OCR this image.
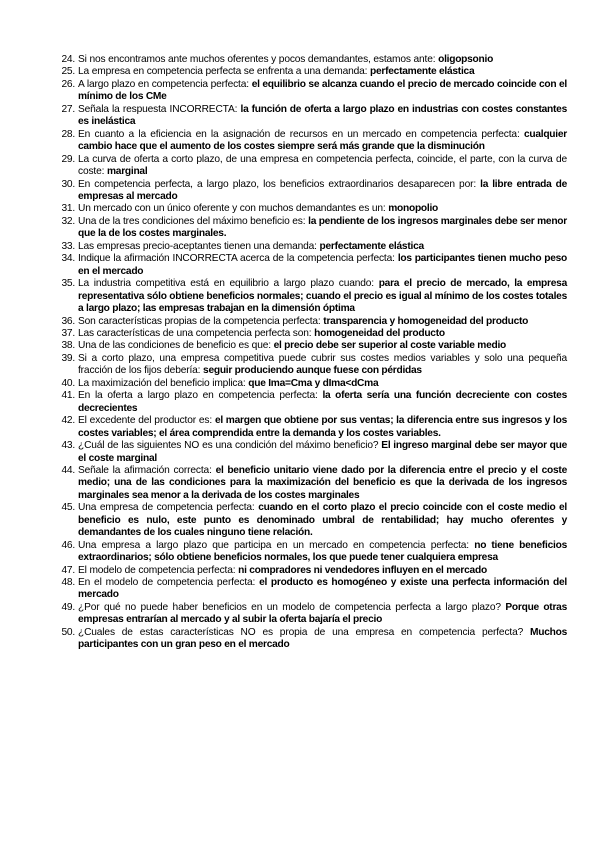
24. Si nos encontramos ante muchos oferentes y pocos demandantes, estamos ante: oligopsonio
25. La empresa en competencia perfecta se enfrenta a una demanda: perfectamente elástica
26. A largo plazo en competencia perfecta: el equilibrio se alcanza cuando el precio de mercado coincide con el mínimo de los CMe
27. Señala la respuesta INCORRECTA: la función de oferta a largo plazo en industrias con costes constantes es inelástica
28. En cuanto a la eficiencia en la asignación de recursos en un mercado en competencia perfecta: cualquier cambio hace que el aumento de los costes siempre será más grande que la disminución
29. La curva de oferta a corto plazo, de una empresa en competencia perfecta, coincide, el parte, con la curva de coste: marginal
30. En competencia perfecta, a largo plazo, los beneficios extraordinarios desaparecen por: la libre entrada de empresas al mercado
31. Un mercado con un único oferente y con muchos demandantes es un: monopolio
32. Una de la tres condiciones del máximo beneficio es: la pendiente de los ingresos marginales debe ser menor que la de los costes marginales.
33. Las empresas precio-aceptantes tienen una demanda: perfectamente elástica
34. Indique la afirmación INCORRECTA acerca de la competencia perfecta: los participantes tienen mucho peso en el mercado
35. La industria competitiva está en equilibrio a largo plazo cuando: para el precio de mercado, la empresa representativa sólo obtiene beneficios normales; cuando el precio es igual al mínimo de los costes totales a largo plazo; las empresas trabajan en la dimensión óptima
36. Son características propias de la competencia perfecta: transparencia y homogeneidad del producto
37. Las características de una competencia perfecta son: homogeneidad del producto
38. Una de las condiciones de beneficio es que: el precio debe ser superior al coste variable medio
39. Si a corto plazo, una empresa competitiva puede cubrir sus costes medios variables y solo una pequeña fracción de los fijos debería: seguir produciendo aunque fuese con pérdidas
40. La maximización del beneficio implica: que Ima=Cma y dIma<dCma
41. En la oferta a largo plazo en competencia perfecta: la oferta sería una función decreciente con costes decrecientes
42. El excedente del productor es: el margen que obtiene por sus ventas; la diferencia entre sus ingresos y los costes variables; el área comprendida entre la demanda y los costes variables.
43. ¿Cuál de las siguientes NO es una condición del máximo beneficio? El ingreso marginal debe ser mayor que el coste marginal
44. Señale la afirmación correcta: el beneficio unitario viene dado por la diferencia entre el precio y el coste medio; una de las condiciones para la maximización del beneficio es que la derivada de los ingresos marginales sea menor a la derivada de los costes marginales
45. Una empresa de competencia perfecta: cuando en el corto plazo el precio coincide con el coste medio el beneficio es nulo, este punto es denominado umbral de rentabilidad; hay mucho oferentes y demandantes de los cuales ninguno tiene relación.
46. Una empresa a largo plazo que participa en un mercado en competencia perfecta: no tiene beneficios extraordinarios; sólo obtiene beneficios normales, los que puede tener cualquiera empresa
47. El modelo de competencia perfecta: ni compradores ni vendedores influyen en el mercado
48. En el modelo de competencia perfecta: el producto es homogéneo y existe una perfecta información del mercado
49. ¿Por qué no puede haber beneficios en un modelo de competencia perfecta a largo plazo? Porque otras empresas entrarían al mercado y al subir la oferta bajaría el precio
50. ¿Cuales de estas características NO es propia de una empresa en competencia perfecta? Muchos participantes con un gran peso en el mercado
